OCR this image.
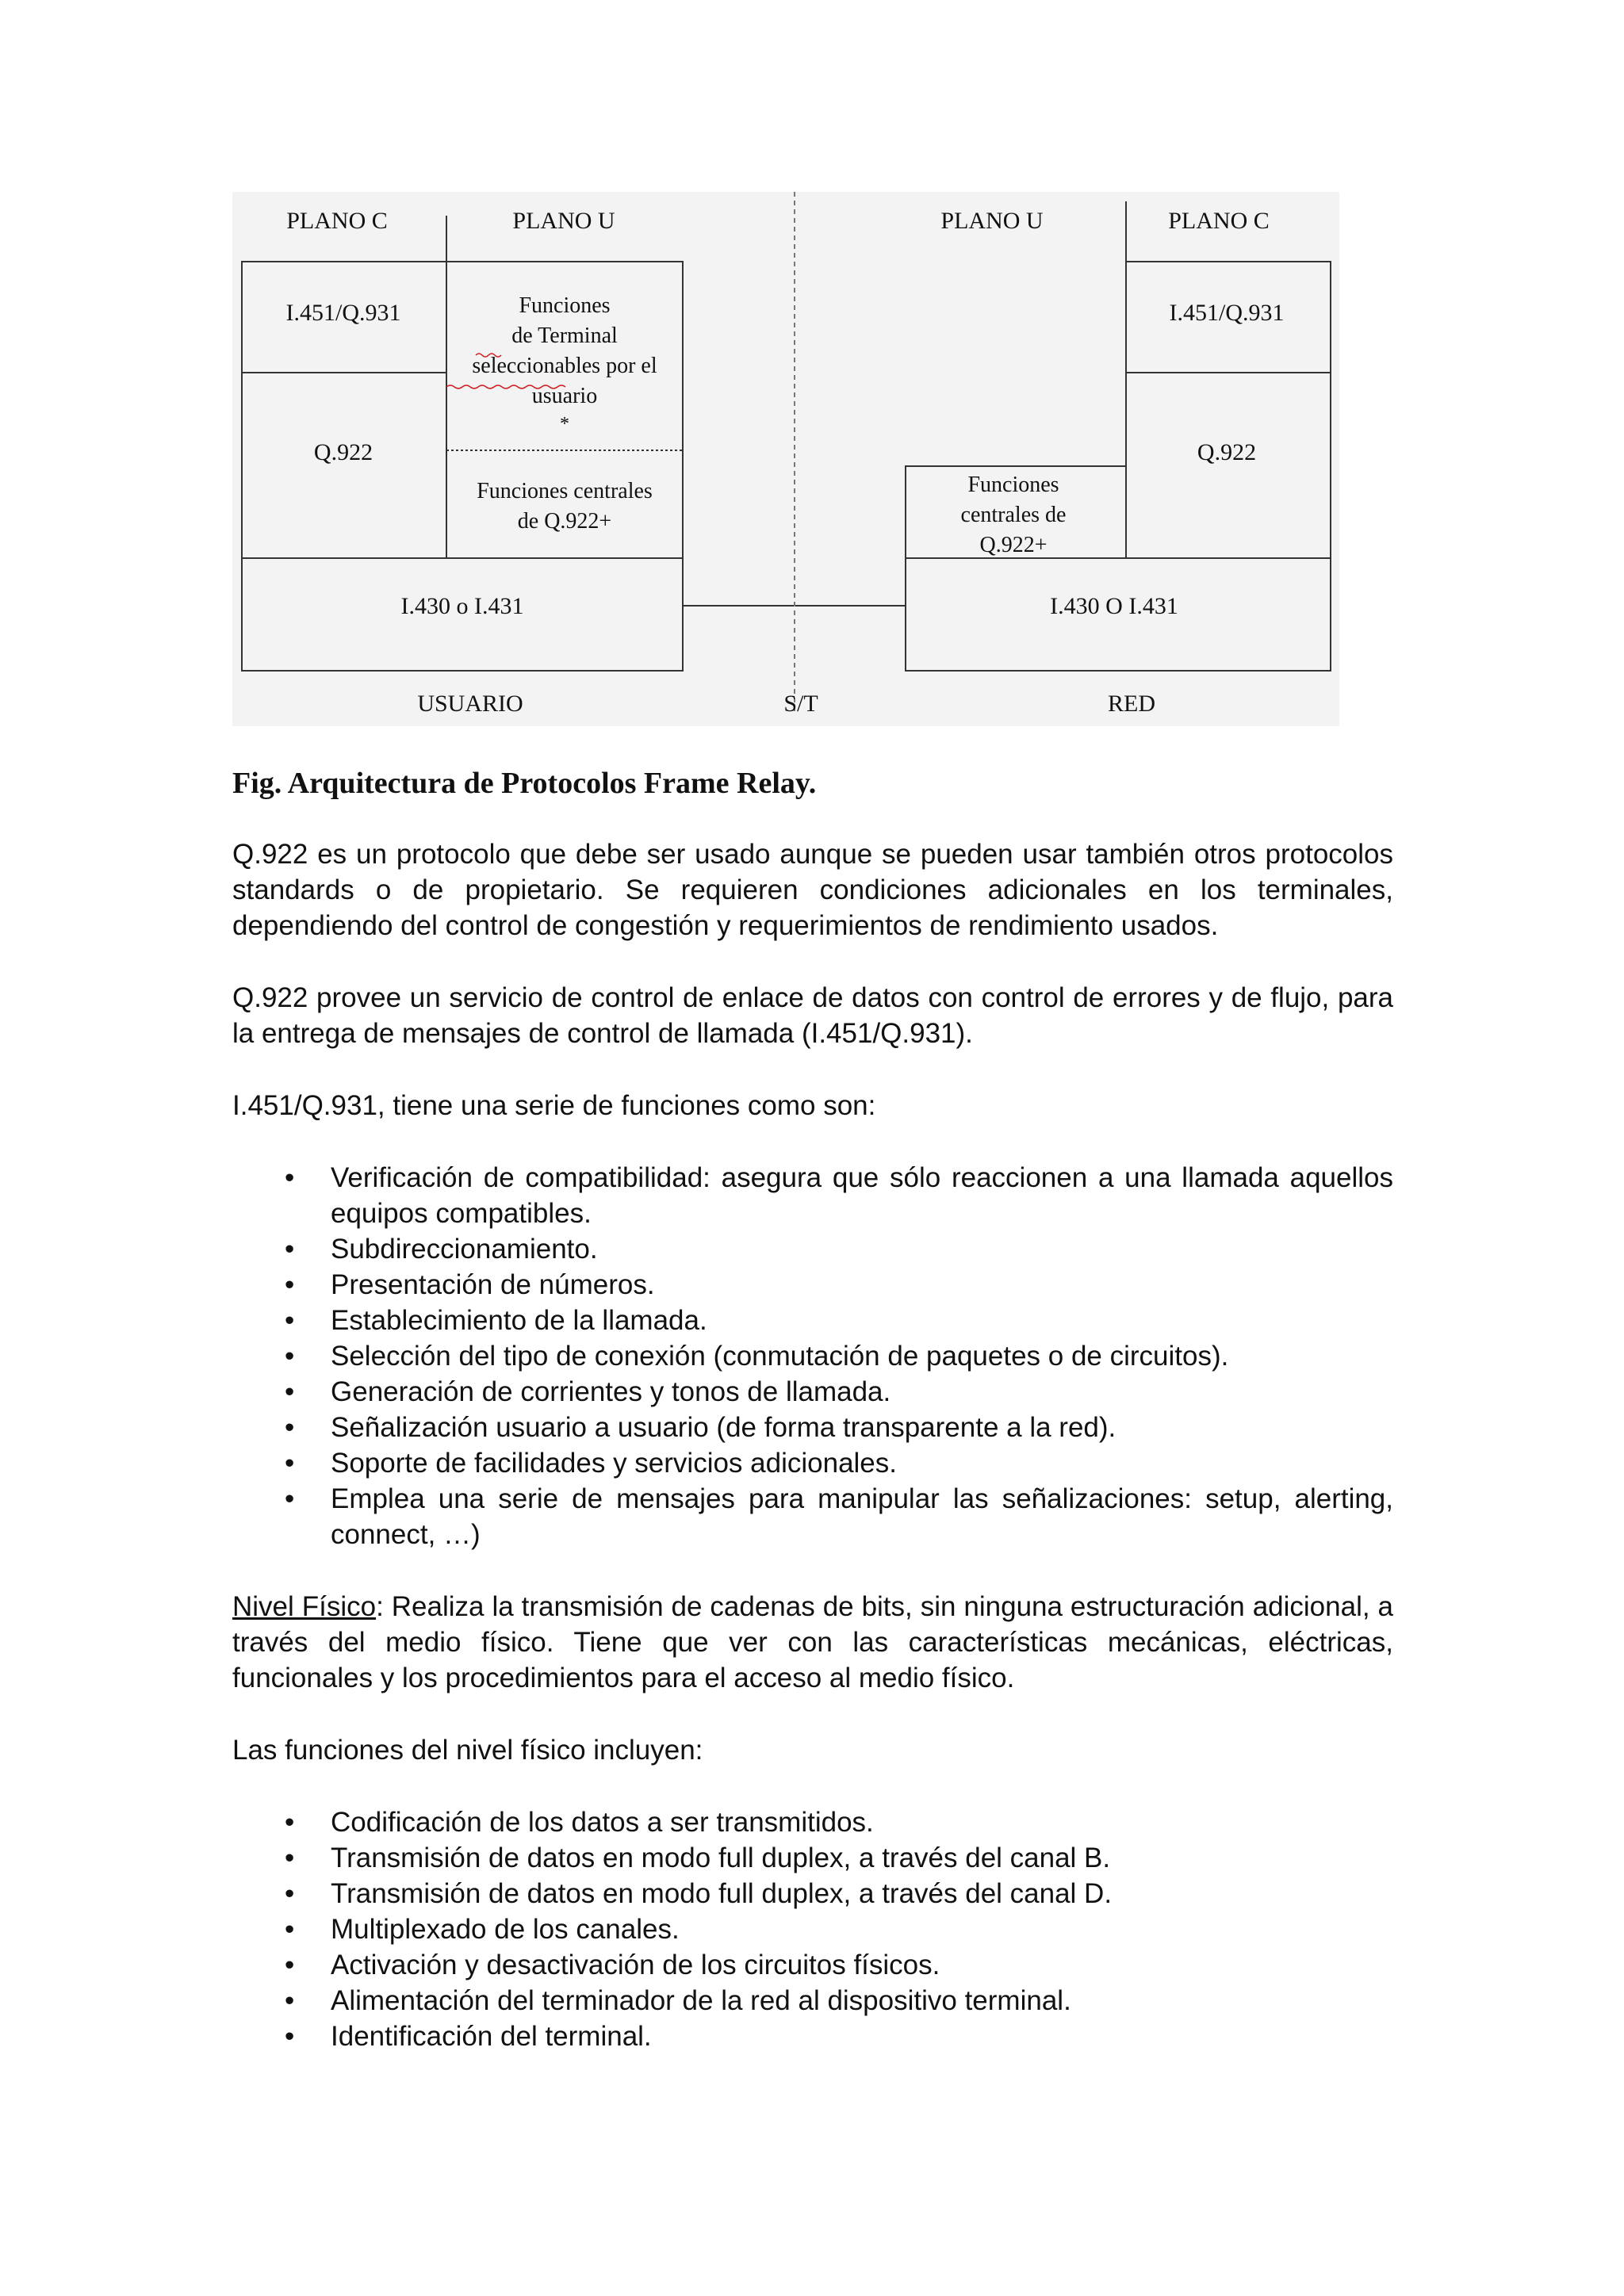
PLANO C	PLANO U	PLANO U	PLANO C
I.451/Q.931	I.451/Q.931
Q.922	Q.922
Funciones
de Terminal
seleccionables por el
usuario
*
Funciones centrales
de Q.922+
Funciones
centrales de
Q.922+
I.430 o I.431	I.430 O I.431
USUARIO	S/T	RED
Fig. Arquitectura de Protocolos Frame Relay.

Q.922 es un protocolo que debe ser usado aunque se pueden usar también otros protocolos standards o de propietario. Se requieren condiciones adicionales en los terminales, dependiendo del control de congestión y requerimientos de rendimiento usados.

Q.922 provee un servicio de control de enlace de datos con control de errores y de flujo, para la entrega de mensajes de control de llamada (I.451/Q.931).

I.451/Q.931, tiene una serie de funciones como son:

• Verificación de compatibilidad: asegura que sólo reaccionen a una llamada aquellos equipos compatibles.
• Subdireccionamiento.
• Presentación de números.
• Establecimiento de la llamada.
• Selección del tipo de conexión (conmutación de paquetes o de circuitos).
• Generación de corrientes y tonos de llamada.
• Señalización usuario a usuario (de forma transparente a la red).
• Soporte de facilidades y servicios adicionales.
• Emplea una serie de mensajes para manipular las señalizaciones: setup, alerting, connect, …)

Nivel Físico: Realiza la transmisión de cadenas de bits, sin ninguna estructuración adicional, a través del medio físico. Tiene que ver con las características mecánicas, eléctricas, funcionales y los procedimientos para el acceso al medio físico.

Las funciones del nivel físico incluyen:

• Codificación de los datos a ser transmitidos.
• Transmisión de datos en modo full duplex, a través del canal B.
• Transmisión de datos en modo full duplex, a través del canal D.
• Multiplexado de los canales.
• Activación y desactivación de los circuitos físicos.
• Alimentación del terminador de la red al dispositivo terminal.
• Identificación del terminal.
